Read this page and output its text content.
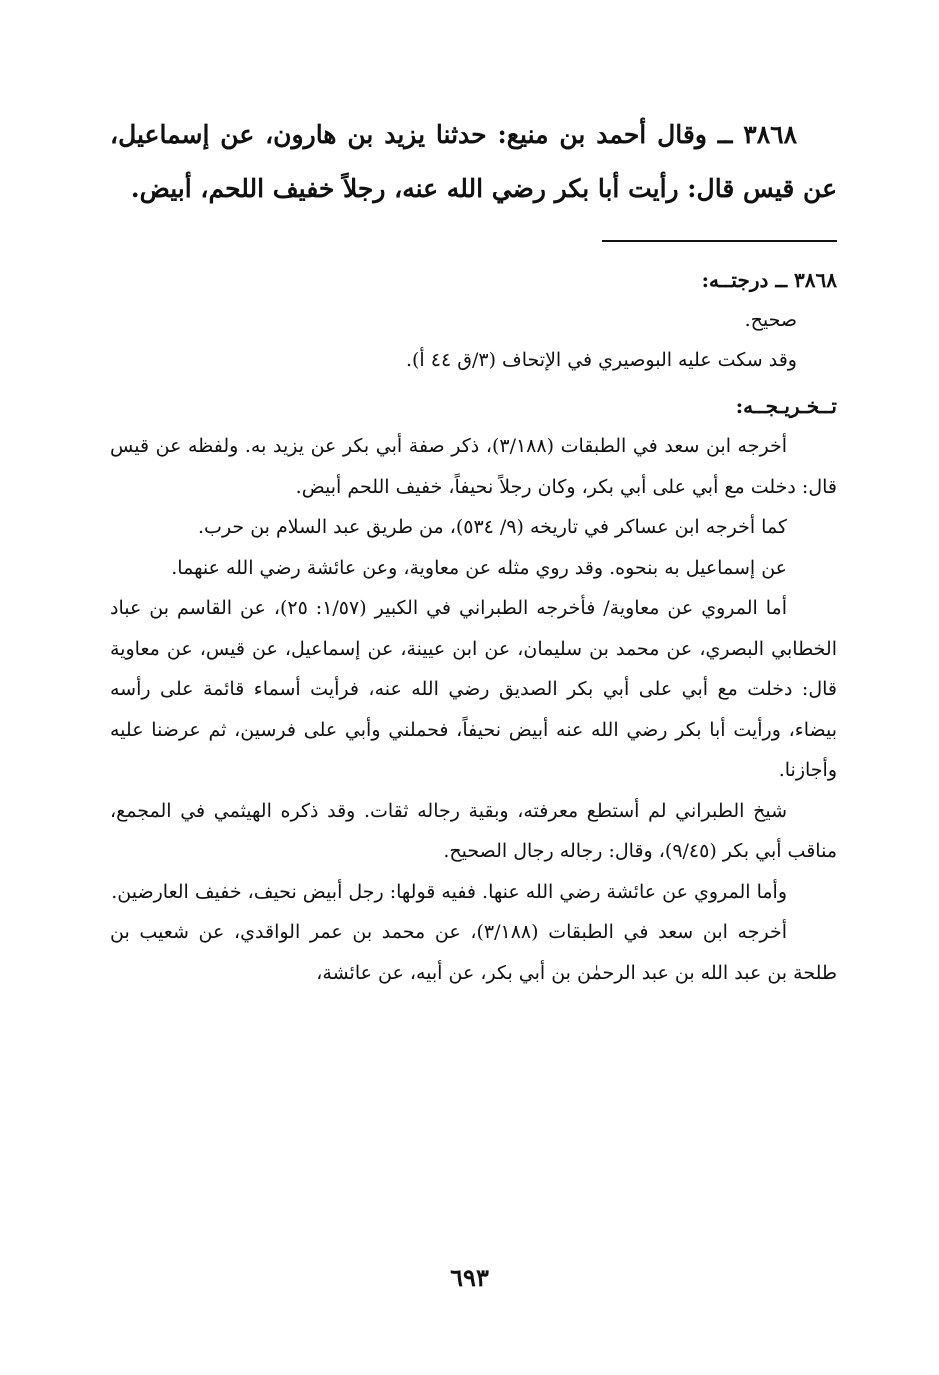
٣٨٦٨ ــ وقال أحمد بن منيع: حدثنا يزيد بن هارون، عن إسماعيل، عن قيس قال: رأيت أبا بكر رضي الله عنه، رجلاً خفيف اللحم، أبيض.

٣٨٦٨ ــ درجتــه:

صحيح.

وقد سكت عليه البوصيري في الإتحاف (٣/ق ٤٤ أ).

تــخـريـجــه:

أخرجه ابن سعد في الطبقات (٣/١٨٨)، ذكر صفة أبي بكر عن يزيد به. ولفظه عن قيس قال: دخلت مع أبي على أبي بكر، وكان رجلاً نحيفاً، خفيف اللحم أبيض.

كما أخرجه ابن عساكر في تاريخه (٩/ ٥٣٤)، من طريق عبد السلام بن حرب.

عن إسماعيل به بنحوه. وقد روي مثله عن معاوية، وعن عائشة رضي الله عنهما.

أما المروي عن معاوية/ فأخرجه الطبراني في الكبير (١/٥٧: ٢٥)، عن القاسم بن عباد الخطابي البصري، عن محمد بن سليمان، عن ابن عيينة، عن إسماعيل، عن قيس، عن معاوية قال: دخلت مع أبي على أبي بكر الصديق رضي الله عنه، فرأيت أسماء قائمة على رأسه بيضاء، ورأيت أبا بكر رضي الله عنه أبيض نحيفاً، فحملني وأبي على فرسين، ثم عرضنا عليه وأجازنا.

شيخ الطبراني لم أستطع معرفته، وبقية رجاله ثقات. وقد ذكره الهيثمي في المجمع، مناقب أبي بكر (٩/٤٥)، وقال: رجاله رجال الصحيح.

وأما المروي عن عائشة رضي الله عنها. ففيه قولها: رجل أبيض نحيف، خفيف العارضين.

أخرجه ابن سعد في الطبقات (٣/١٨٨)، عن محمد بن عمر الواقدي، عن شعيب بن طلحة بن عبد الله بن عبد الرحمٰن بن أبي بكر، عن أبيه، عن عائشة،

٦٩٣
